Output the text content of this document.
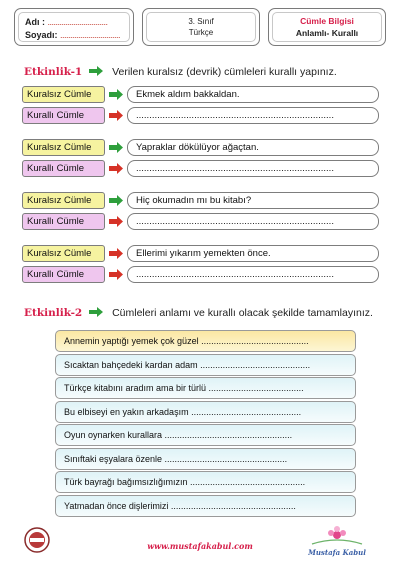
Adı : ..............................
Soyadı: ..............................
3. Sınıf
Türkçe
Cümle Bilgisi
Anlamlı- Kurallı
Etkinlik-1	Verilen kuralsız (devrik) cümleleri kurallı yapınız.
Kuralsız Cümle	Ekmek aldım bakkaldan.
Kurallı Cümle	...........................................................................
Kuralsız Cümle	Yapraklar dökülüyor ağaçtan.
Kurallı Cümle	...........................................................................
Kuralsız Cümle	Hiç okumadın mı bu kitabı?
Kurallı Cümle	...........................................................................
Kuralsız Cümle	Ellerimi yıkarım yemekten önce.
Kurallı Cümle	...........................................................................
Etkinlik-2	Cümleleri anlamı ve kurallı olacak şekilde tamamlayınız.
Annemin yaptığı yemek çok güzel ...........................................
Sıcaktan bahçedeki kardan adam ............................................
Türkçe kitabını aradım ama bir türlü ......................................
Bu elbiseyi en yakın arkadaşım ............................................
Oyun oynarken kurallara ...................................................
Sınıftaki eşyalara özenle .................................................
Türk bayrağı bağımsızlığımızın ..............................................
Yatmadan önce dişlerimizi ..................................................
www.mustafakabul.com
Mustafa Kabul
